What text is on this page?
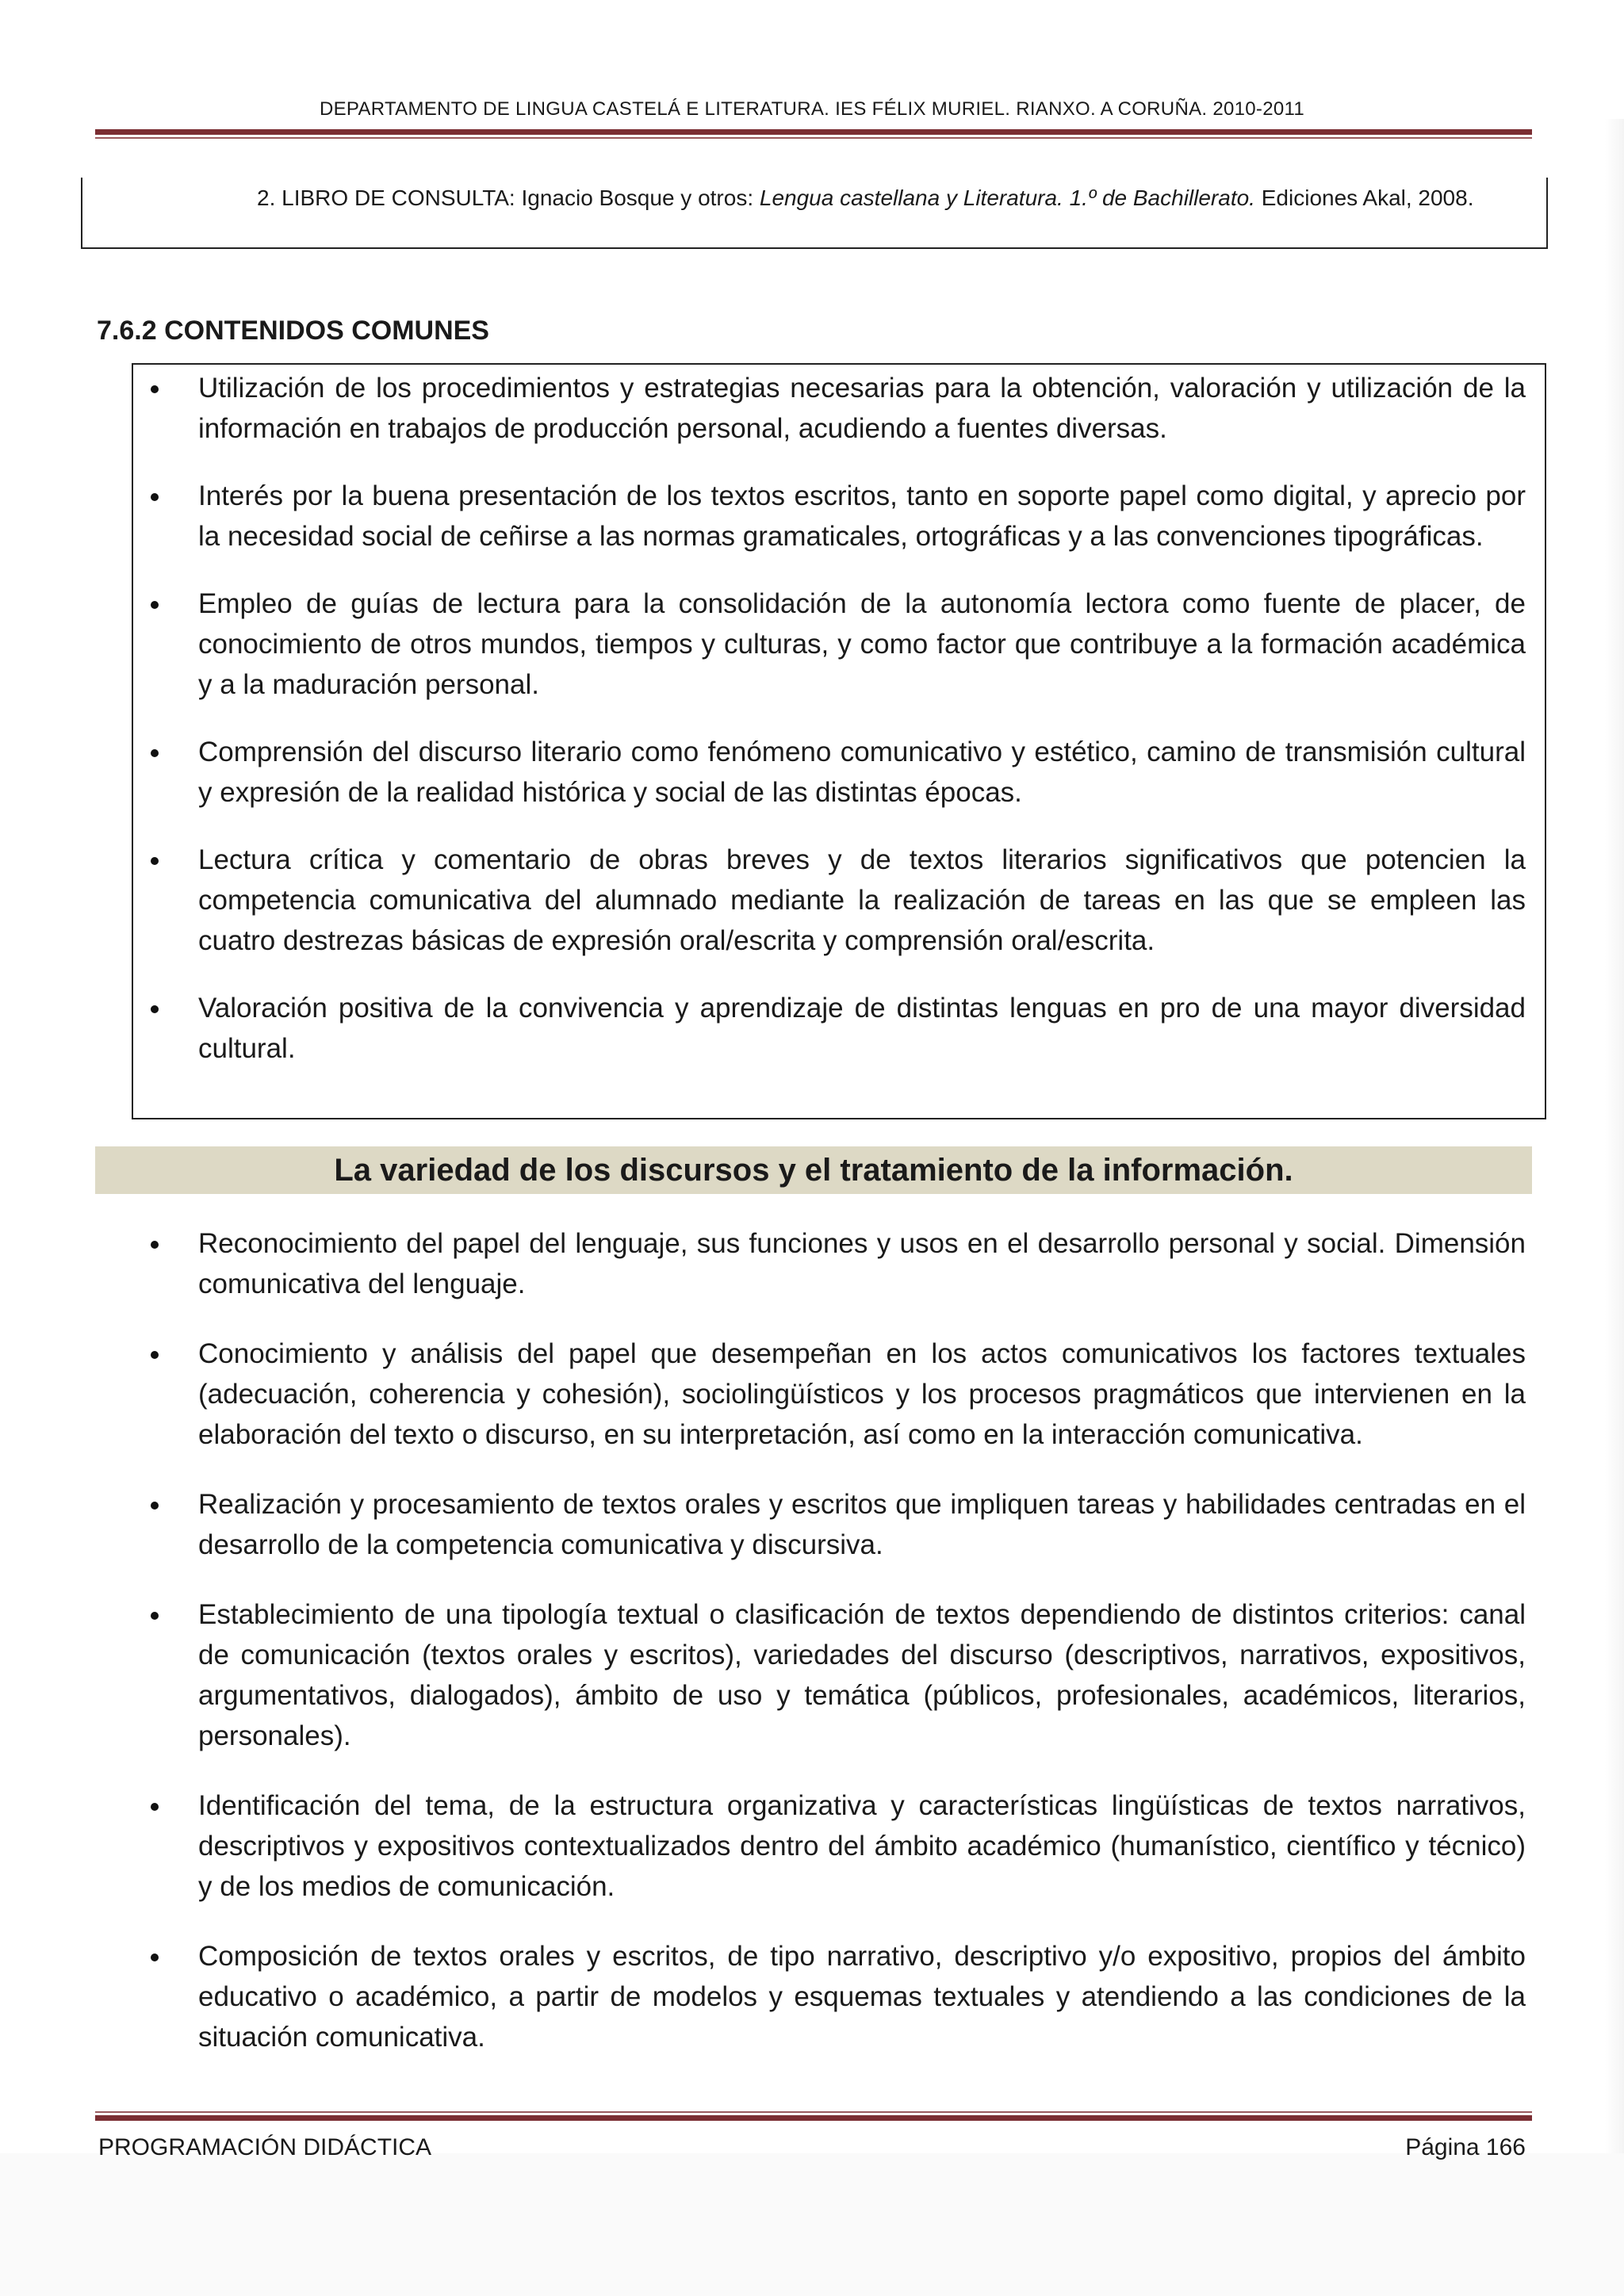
DEPARTAMENTO DE LINGUA CASTELÁ E LITERATURA. IES FÉLIX MURIEL. RIANXO. A CORUÑA. 2010-2011

2. LIBRO DE CONSULTA: Ignacio Bosque y otros: Lengua castellana y Literatura. 1.º de Bachillerato. Ediciones Akal, 2008.

7.6.2 CONTENIDOS COMUNES
Utilización de los procedimientos y estrategias necesarias para la obtención, valoración y utilización de la información en trabajos de producción personal, acudiendo a fuentes diversas.
Interés por la buena presentación de los textos escritos, tanto en soporte papel como digital, y aprecio por la necesidad social de ceñirse a las normas gramaticales, ortográficas y a las convenciones tipográficas.
Empleo de guías de lectura para la consolidación de la autonomía lectora como fuente de placer, de conocimiento de otros mundos, tiempos y culturas, y como factor que contribuye a la formación académica y a la maduración personal.
Comprensión del discurso literario como fenómeno comunicativo y estético, camino de transmisión cultural y expresión de la realidad histórica y social de las distintas épocas.
Lectura crítica y comentario de obras breves y de textos literarios significativos que potencien la competencia comunicativa del alumnado mediante la realización de tareas en las que se empleen las cuatro destrezas básicas de expresión oral/escrita y comprensión oral/escrita.
Valoración positiva de la convivencia y aprendizaje de distintas lenguas en pro de una mayor diversidad cultural.
La variedad de los discursos y el tratamiento de la información.
Reconocimiento del papel del lenguaje, sus funciones y usos en el desarrollo personal y social. Dimensión comunicativa del lenguaje.
Conocimiento y análisis del papel que desempeñan en los actos comunicativos los factores textuales (adecuación, coherencia y cohesión), sociolingüísticos y los procesos pragmáticos que intervienen en la elaboración del texto o discurso, en su interpretación, así como en la interacción comunicativa.
Realización y procesamiento de textos orales y escritos que impliquen tareas y habilidades centradas en el desarrollo de la competencia comunicativa y discursiva.
Establecimiento de una tipología textual o clasificación de textos dependiendo de distintos criterios: canal de comunicación (textos orales y escritos), variedades del discurso (descriptivos, narrativos, expositivos, argumentativos, dialogados), ámbito de uso y temática (públicos, profesionales, académicos, literarios, personales).
Identificación del tema, de la estructura organizativa y características lingüísticas de textos narrativos, descriptivos y expositivos contextualizados dentro del ámbito académico (humanístico, científico y técnico) y de los medios de comunicación.
Composición de textos orales y escritos, de tipo narrativo, descriptivo y/o expositivo, propios del ámbito educativo o académico, a partir de modelos y esquemas textuales y atendiendo a las condiciones de la situación comunicativa.
PROGRAMACIÓN DIDÁCTICA	Página 166
